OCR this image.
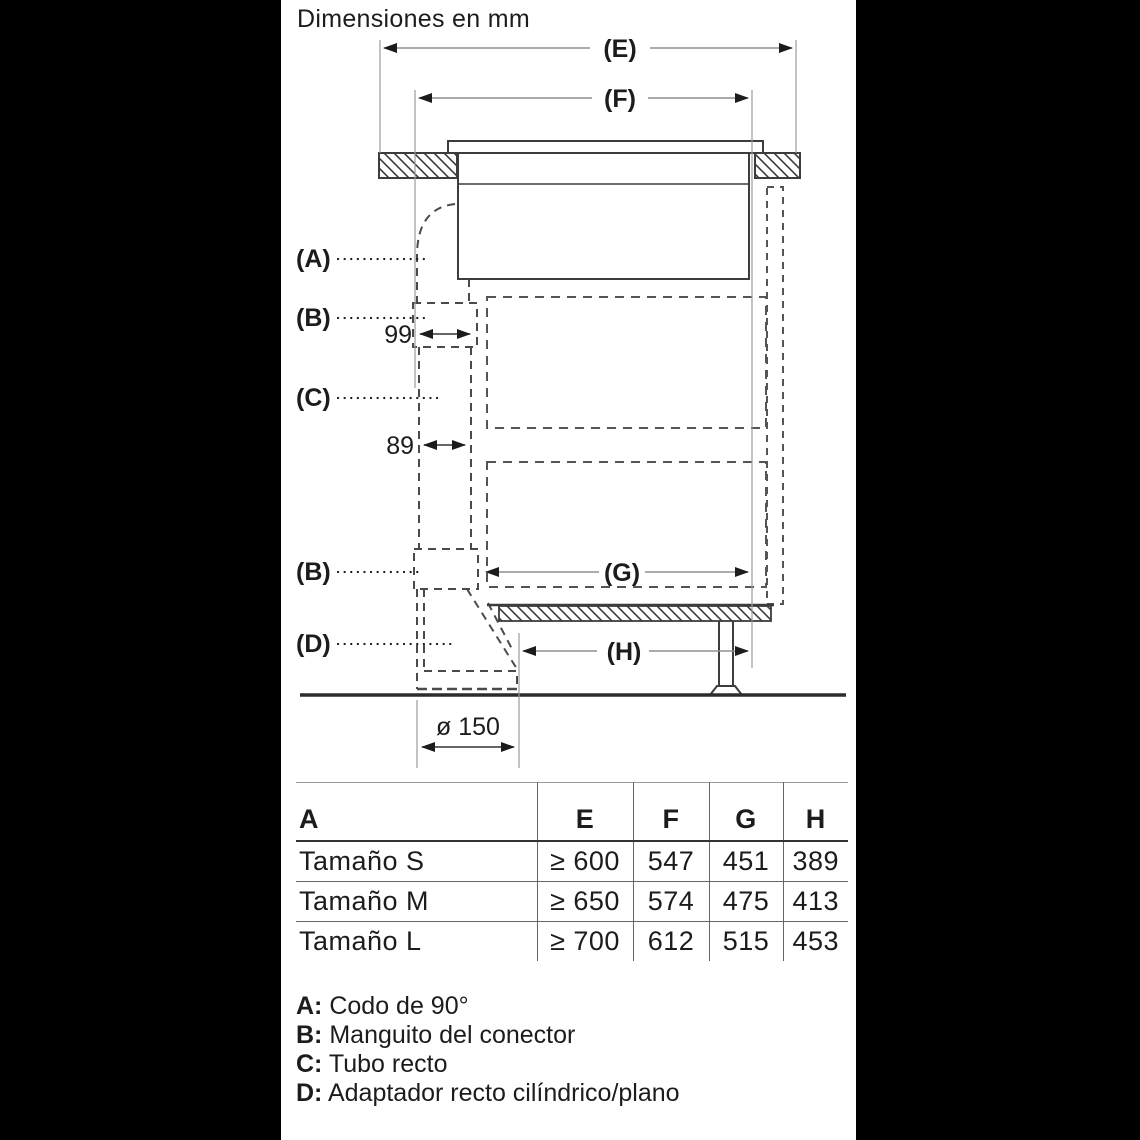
Dimensiones en mm
(E)
(F)
(G)
(H)
99
89
ø 150
(A)
(B)
(C)
(B)
(D)
A	E	F	G	H
Tamaño S	≥ 600	547	451	389
Tamaño M	≥ 650	574	475	413
Tamaño L	≥ 700	612	515	453

A: Codo de 90°

B: Manguito del conector

C: Tubo recto

D: Adaptador recto cilíndrico/plano
